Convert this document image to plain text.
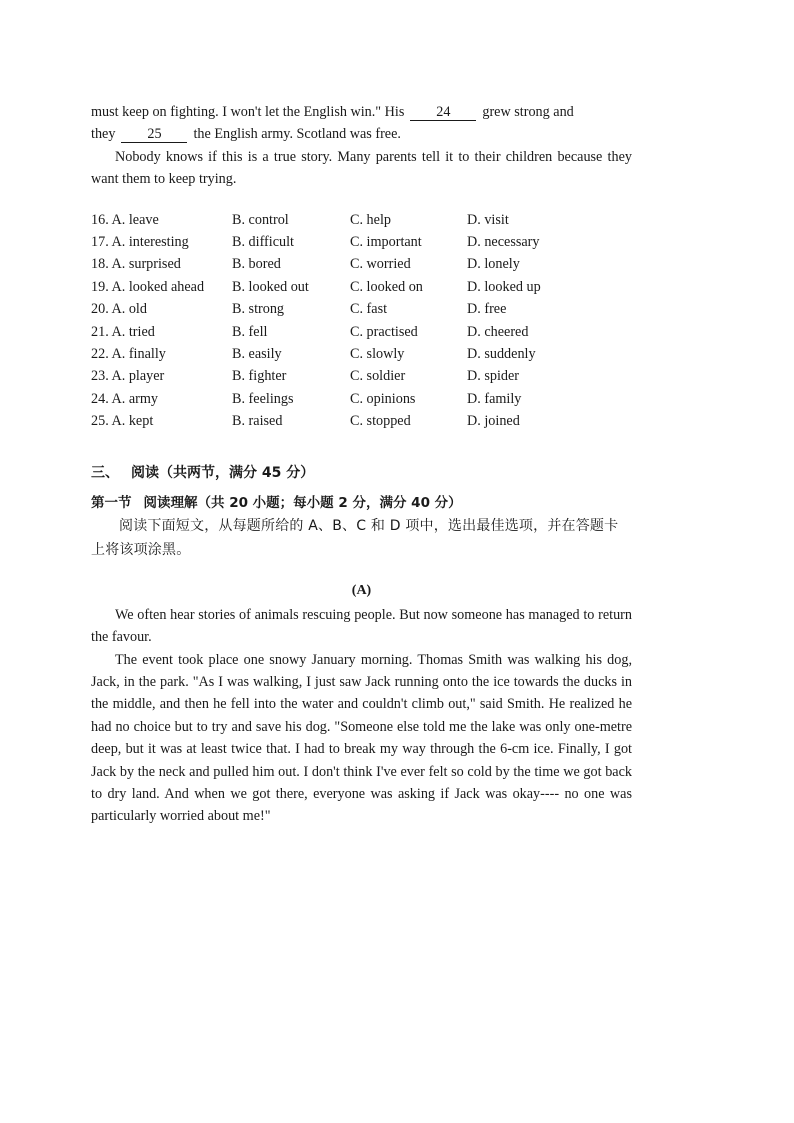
must keep on fighting. I won't let the English win." His 24 grew strong and

they 25 the English army. Scotland was free.

Nobody knows if this is a true story. Many parents tell it to their children because they want them to keep trying.

16. A. leave	B. control	C. help	D. visit
17. A. interesting	B. difficult	C. important	D. necessary
18. A. surprised	B. bored	C. worried	D. lonely
19. A. looked ahead	B. looked out	C. looked on	D. looked up
20. A. old	B. strong	C. fast	D. free
21. A. tried	B. fell	C. practised	D. cheered
22. A. finally	B. easily	C. slowly	D. suddenly
23. A. player	B. fighter	C. soldier	D. spider
24. A. army	B. feelings	C. opinions	D. family
25. A. kept	B. raised	C. stopped	D. joined
三、 阅读（共两节，满分 45 分）
第一节 阅读理解（共 20 小题；每小题 2 分，满分 40 分）

阅读下面短文，从每题所给的 A、B、C 和 D 项中，选出最佳选项，并在答题卡上将该项涂黑。

(A)

We often hear stories of animals rescuing people. But now someone has managed to return the favour.

The event took place one snowy January morning. Thomas Smith was walking his dog, Jack, in the park. "As I was walking, I just saw Jack running onto the ice towards the ducks in the middle, and then he fell into the water and couldn't climb out," said Smith. He realized he had no choice but to try and save his dog. "Someone else told me the lake was only one-metre deep, but it was at least twice that. I had to break my way through the 6-cm ice. Finally, I got Jack by the neck and pulled him out. I don't think I've ever felt so cold by the time we got back to dry land. And when we got there, everyone was asking if Jack was okay---- no one was particularly worried about me!"
